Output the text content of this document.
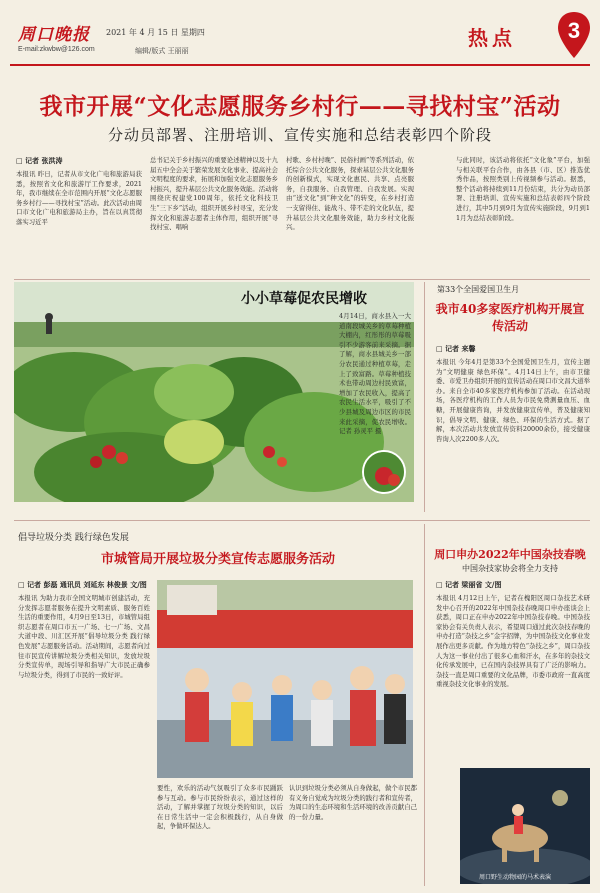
周口晚报 2021 年 4 月 15 日 星期四
E-mail:zkwbw@126.com	编辑/版式 王丽丽
热点	3
我市开展“文化志愿服务乡村行——寻找村宝”活动
分动员部署、注册培训、宣传实施和总结表彰四个阶段
□ 记者 张洪涛
本报讯 昨日，记者从市文化广电和旅游局获悉，按照省文化和旅游厅工作要求，2021年，我市继续在全市范围内开展“文化志愿服务乡村行——寻找村宝”活动。此次活动由周口市文化广电和旅游局主办，旨在以真贯彻落实习近平
总书记关于乡村振兴的重要论述精神以及十九届五中全会关于繁荣发展文化事业、提高社会文明程度的要求，拓展和加强文化志愿服务乡村振兴，提升基层公共文化服务效能。活动将围绕庆祝建党100周年，依托文化科技卫生“三下乡”活动，组织开展乡村寻宝，充分发挥文化和旅游志愿者主体作用，组织开展“寻找村宝、唱响
村歌、乡村村晚”、民俗村画”等系列活动，依托综合公共文化服务，探索基层公共文化服务的创新模式，实现文化惠民、共享、点亮服务，自我服务、自我管理、自我发展。实现由“送文化”到“种文化”的转变，在乡村打造一支留得住、能战斗、带不走的文化队伍，提升基层公共文化服务效能，助力乡村文化振兴。
与此同时，该活动将依托“文化象”平台，加强与相关联平台合作，由各县（市、区）推选优秀作品，按照类别上传视频参与活动。据悉，整个活动将持续到11月份结束，共分为动员部署、注册培训、宣传实施和总结表彰四个阶段进行，其中5月到9月为宣传实施阶段，9月到11月为总结表彰阶段。
小小草莓促农民增收
4月14日，商水县入一大道南段城关乡的草莓种植大棚内，红彤彤的草莓吸引不少游客前来采摘。据了解，商水县城关乡一部分农民通过种植草莓，走上了致富路。草莓种植技术也带动周边村民致富，增加了农民收入，提高了农民生活水平，吸引了不少县城及周边市区的市民来此采摘，促农民增收。记者 孙灵平 摄
第33个全国爱国卫生月
我市40多家医疗机构开展宣传活动
□ 记者 来馨
本报讯 今年4月是第33个全国爱国卫生月，宣传主题为“文明健康 绿色环保”。4月14日上午，由市卫健委、市爱卫办组织开展的宣传活动在周口市文昌大道举办。来自全市40多家医疗机构参加了活动。在活动现场，各医疗机构的工作人员为市民免费测量血压、血糖，开展健康咨询，并发放健康宣传单，普及健康知识，倡导文明、健康、绿色、环保的生活方式。据了解，本次活动共发放宣传资料20000余份，接受健康咨询人次2200多人次。
倡导垃圾分类 践行绿色发展
市城管局开展垃圾分类宣传志愿服务活动
□ 记者 彭磊 通讯员 刘延东 林俊景 文/图
本报讯 为助力我市全国文明城市创建活动，充分发挥志愿者服务在提升文明素质、服务百姓生活的重要作用，4月9日至13日，市城管局组织志愿者在周口市五一广场、七一广场、文昌大道中段、川汇区开展“倡导垃圾分类 践行绿色发展”志愿服务活动。活动期间，志愿者向过往市民宣传讲解垃圾分类相关知识，发放垃圾分类宣传单，现场引导和指导广大市民正确参与垃圾分类，得到了市民的一致好评。
要性，欢乐的活动气氛吸引了众多市民踊跃参与互动。参与市民纷纷表示，通过这样的活动，了解并掌握了垃圾分类的知识，以后在日常生活中一定会积极践行，从自身做起，争做环保达人。
认识到垃圾分类必须从自身做起，做个市民都有义务自觉成为垃圾分类的践行者和宣传者，为周口的生态环境和生活环境的改善贡献自己的一份力量。
周口申办2022年中国杂技春晚
中国杂技家协会将全力支持
□ 记者 梁丽省 文/图
本报讯 4月12日上午，记者在槐阳区周口杂技艺术研发中心召开的2022年中国杂技春晚周口申办座谈会上获悉，周口正在申办2022年中国杂技春晚。中国杂技家协会有关负责人表示，希望周口通过此次杂技春晚的申办打造“杂技之乡”金字招牌，为中国杂技文化事业发展作出更多贡献。作为地方特色“杂技之乡”，周口杂技人为这一事业付出了很多心血和汗水，在多年的杂技文化传承发展中，已在国内杂技界具有了广泛的影响力。杂技一直是周口重要的文化品牌，市委市政府一直高度重视杂技文化事业的发展。
周口野生动物园的马术表演
